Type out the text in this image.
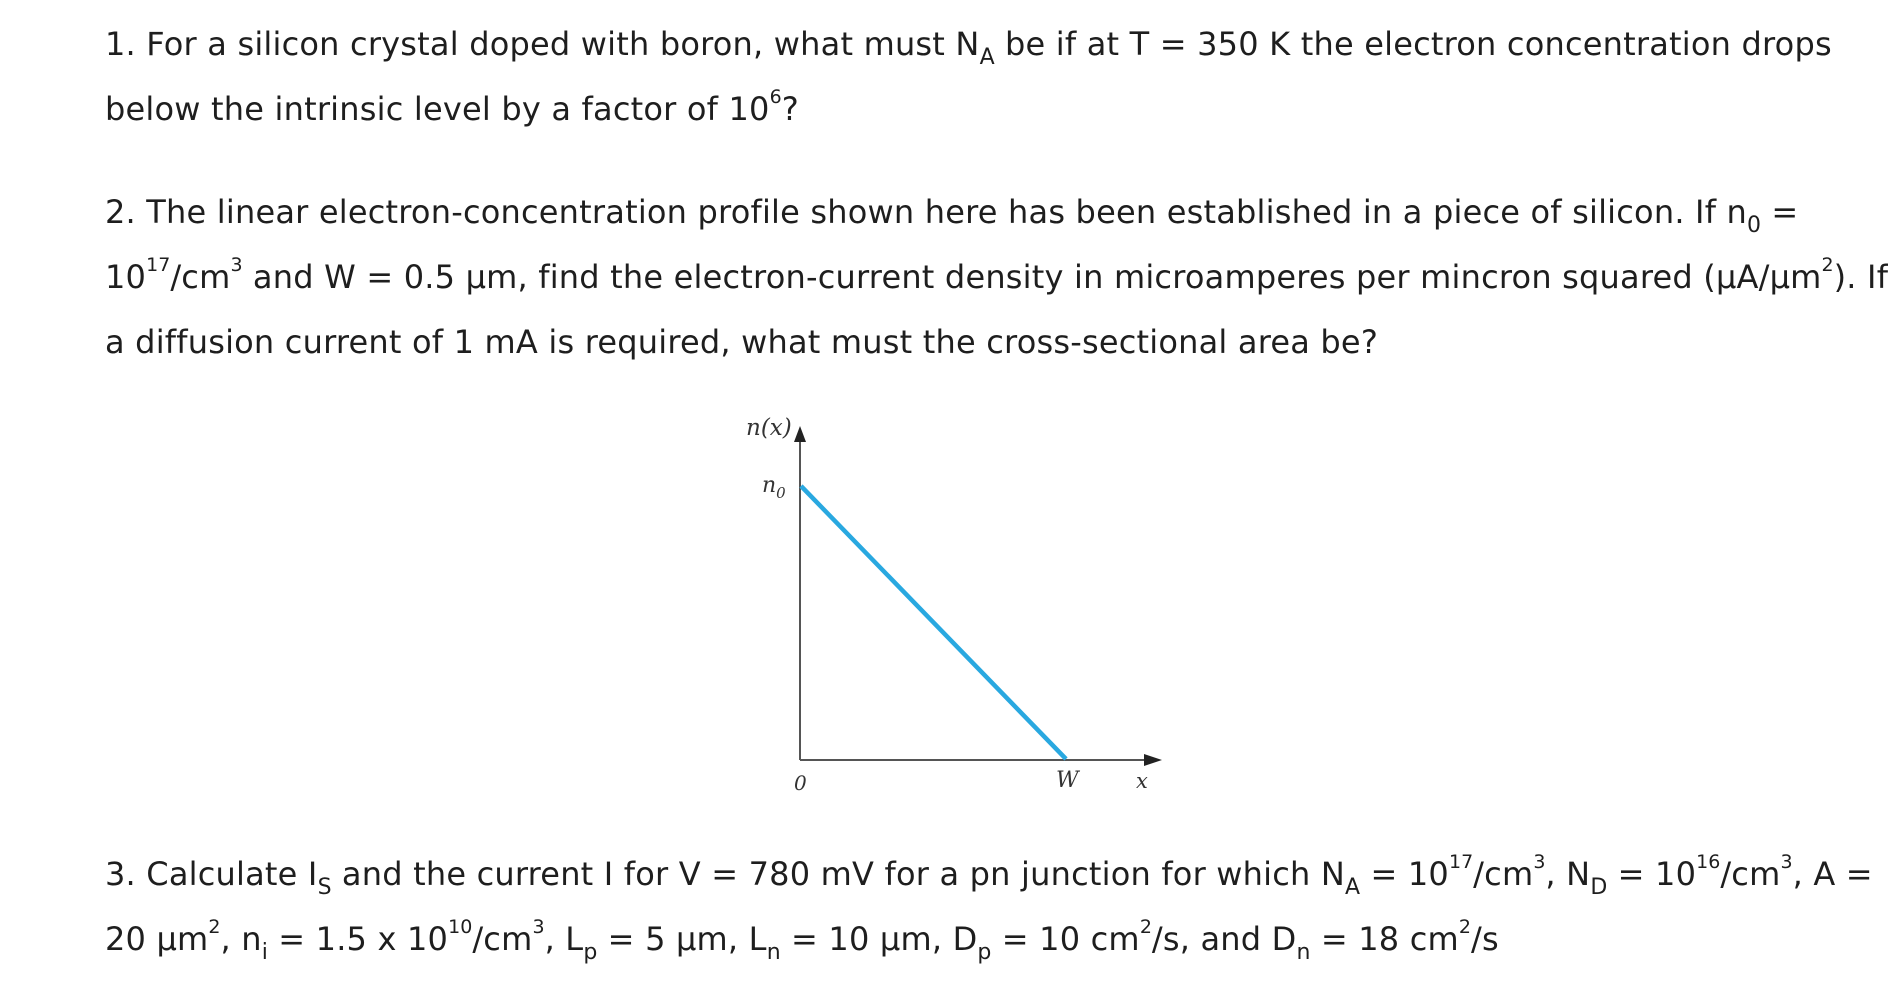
1. For a silicon crystal doped with boron, what must $N_A$ be if at T = 350 K the electron concentration drops
below the intrinsic level by a factor of $10^6$?
2. The linear electron-concentration profile shown here has been established in a piece of silicon. If $n_0$ =
$10^{17}/cm^3$ and W = 0.5 µm, find the electron-current density in microamperes per mincron squared (µA/µm$^2$). If
a diffusion current of 1 mA is required, what must the cross-sectional area be?
n(x)
$n_0$
0	W	x
3. Calculate $I_S$ and the current I for V = 780 mV for a pn junction for which $N_A = 10^{17}/cm^3$, $N_D = 10^{16}/cm^3$, A =
20 µm$^2$, $n_i = 1.5$ x $10^{10}/cm^3$, $L_p = 5$ µm, $L_n = 10$ µm, $D_p = 10$ $cm^2/s$, and $D_n = 18$ $cm^2/s$
